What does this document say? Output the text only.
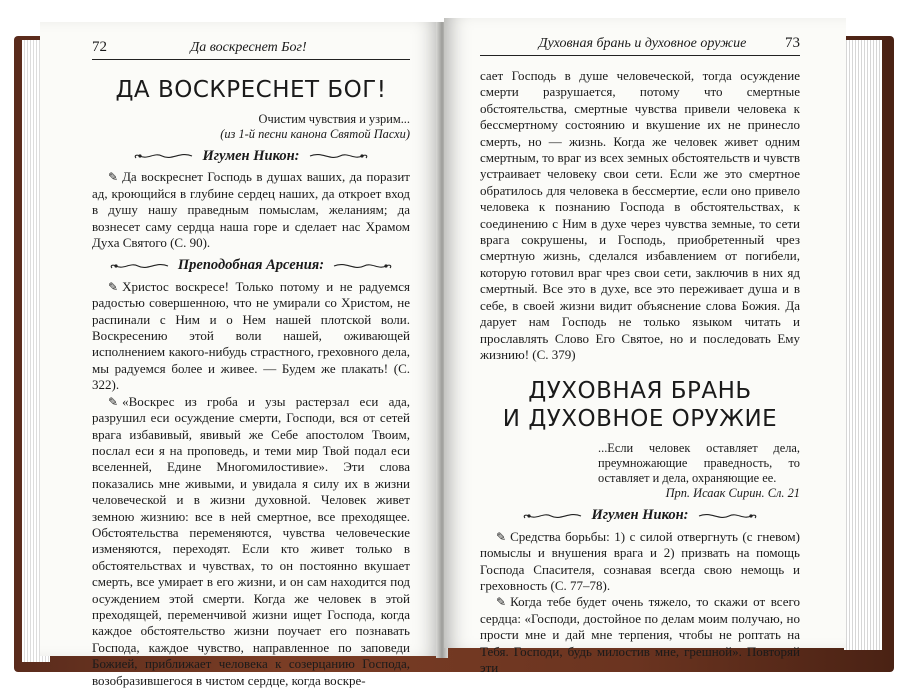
72	Да воскреснет Бог!
ДА ВОСКРЕСНЕТ БОГ!
Очистим чувствия и узрим...
(из 1-й песни канона Святой Пасхи)
Игумен Никон:

✎ Да воскреснет Господь в душах ваших, да поразит ад, кроющийся в глубине сердец наших, да откроет вход в душу нашу праведным помыслам, желаниям; да вознесет саму сердца наша горе и сделает нас Храмом Духа Святого (С. 90).

Преподобная Арсения:

✎ Христос воскресе! Только потому и не радуемся радостью совершенною, что не умирали со Христом, не распинали с Ним и о Нем нашей плотской воли. Воскресению этой воли нашей, оживающей исполнением какого-нибудь страстного, греховного дела, мы радуемся более и живее. — Будем же плакать! (С. 322).

✎ «Воскрес из гроба и узы растерзал еси ада, разрушил еси осуждение смерти, Господи, вся от сетей врага избавивый, явивый же Себе апостолом Твоим, послал еси я на проповедь, и теми мир Твой подал еси вселенней, Едине Многомилостивие». Эти слова показались мне живыми, и увидала я силу их в жизни человеческой и в жизни духовной. Человек живет земною жизнию: все в ней смертное, все преходящее. Обстоятельства переменяются, чувства человеческие изменяются, переходят. Если кто живет только в обстоятельствах и чувствах, то он постоянно вкушает смерть, все умирает в его жизни, и он сам находится под осуждением этой смерти. Когда же человек в этой преходящей, переменчивой жизни ищет Господа, когда каждое обстоятельство жизни поучает его познавать Господа, каждое чувство, направленное по заповеди Божией, приближает человека к созерцанию Господа, возобразившегося в чистом сердце, когда воскре-

Духовная брань и духовное оружие	73

сает Господь в душе человеческой, тогда осуждение смерти разрушается, потому что смертные обстоятельства, смертные чувства привели человека к бессмертному состоянию и вкушение их не принесло смерть, но — жизнь. Когда же человек живет одним смертным, то враг из всех земных обстоятельств и чувств устраивает человеку свои сети. Если же это смертное обратилось для человека в бессмертие, если оно привело человека к познанию Господа в обстоятельствах, к соединению с Ним в духе через чувства земные, то сети врага сокрушены, и Господь, приобретенный чрез смертную жизнь, сделался избавлением от погибели, которую готовил враг чрез свои сети, заключив в них яд смертный. Все это в духе, все это переживает душа и в себе, в своей жизни видит объяснение слова Божия. Да дарует нам Господь не только языком читать и прославлять Слово Его Святое, но и последовать Ему жизнию! (С. 379)

ДУХОВНАЯ БРАНЬ
И ДУХОВНОЕ ОРУЖИЕ
...Если человек оставляет дела, преумножающие праведность, то оставляет и дела, охраняющие ее.
Прп. Исаак Сирин. Сл. 21
Игумен Никон:

✎ Средства борьбы: 1) с силой отвергнуть (с гневом) помыслы и внушения врага и 2) призвать на помощь Господа Спасителя, сознавая всегда свою немощь и греховность (С. 77–78).

✎ Когда тебе будет очень тяжело, то скажи от всего сердца: «Господи, достойное по делам моим получаю, но прости мне и дай мне терпения, чтобы не роптать на Тебя. Господи, будь милостив мне, грешной». Повторяй эти
